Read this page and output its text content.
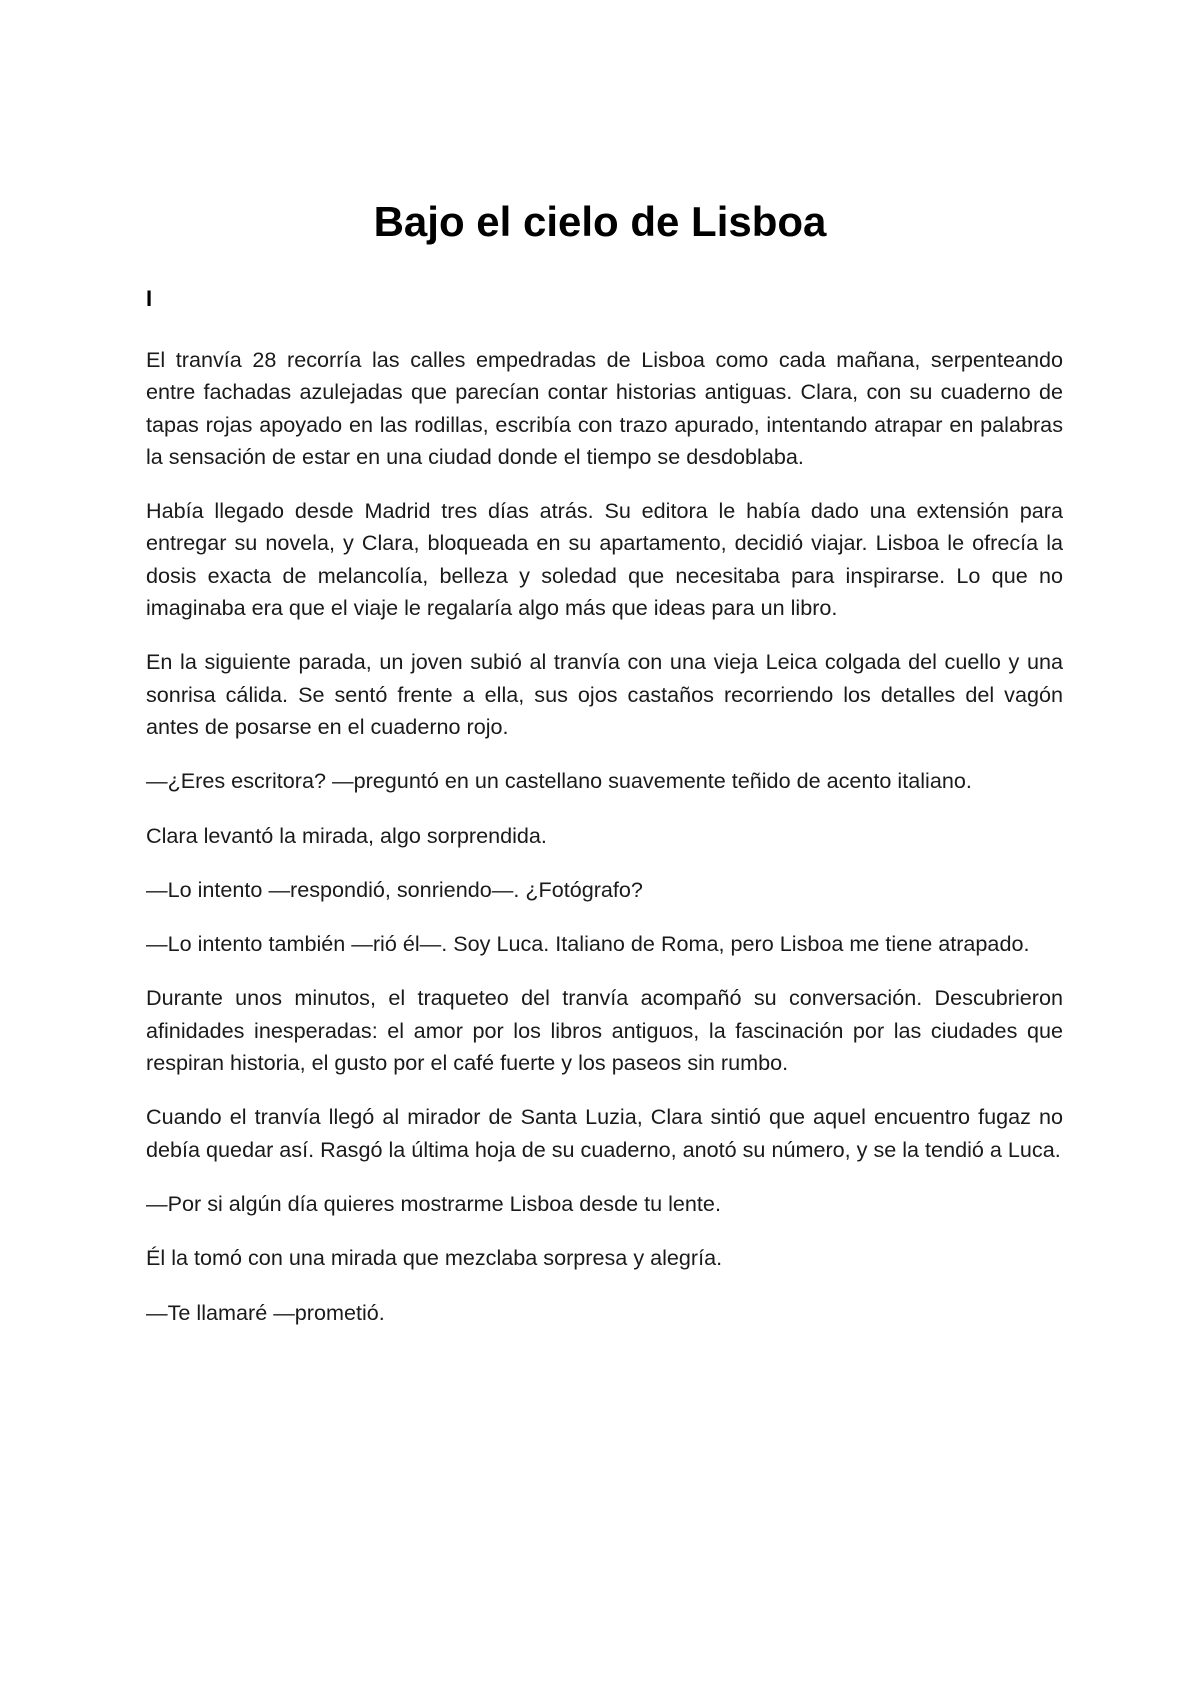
Bajo el cielo de Lisboa
I

El tranvía 28 recorría las calles empedradas de Lisboa como cada mañana, serpenteando entre fachadas azulejadas que parecían contar historias antiguas. Clara, con su cuaderno de tapas rojas apoyado en las rodillas, escribía con trazo apurado, intentando atrapar en palabras la sensación de estar en una ciudad donde el tiempo se desdoblaba.

Había llegado desde Madrid tres días atrás. Su editora le había dado una extensión para entregar su novela, y Clara, bloqueada en su apartamento, decidió viajar. Lisboa le ofrecía la dosis exacta de melancolía, belleza y soledad que necesitaba para inspirarse. Lo que no imaginaba era que el viaje le regalaría algo más que ideas para un libro.

En la siguiente parada, un joven subió al tranvía con una vieja Leica colgada del cuello y una sonrisa cálida. Se sentó frente a ella, sus ojos castaños recorriendo los detalles del vagón antes de posarse en el cuaderno rojo.

—¿Eres escritora? —preguntó en un castellano suavemente teñido de acento italiano.

Clara levantó la mirada, algo sorprendida.

—Lo intento —respondió, sonriendo—. ¿Fotógrafo?

—Lo intento también —rió él—. Soy Luca. Italiano de Roma, pero Lisboa me tiene atrapado.

Durante unos minutos, el traqueteo del tranvía acompañó su conversación. Descubrieron afinidades inesperadas: el amor por los libros antiguos, la fascinación por las ciudades que respiran historia, el gusto por el café fuerte y los paseos sin rumbo.

Cuando el tranvía llegó al mirador de Santa Luzia, Clara sintió que aquel encuentro fugaz no debía quedar así. Rasgó la última hoja de su cuaderno, anotó su número, y se la tendió a Luca.

—Por si algún día quieres mostrarme Lisboa desde tu lente.

Él la tomó con una mirada que mezclaba sorpresa y alegría.

—Te llamaré —prometió.
